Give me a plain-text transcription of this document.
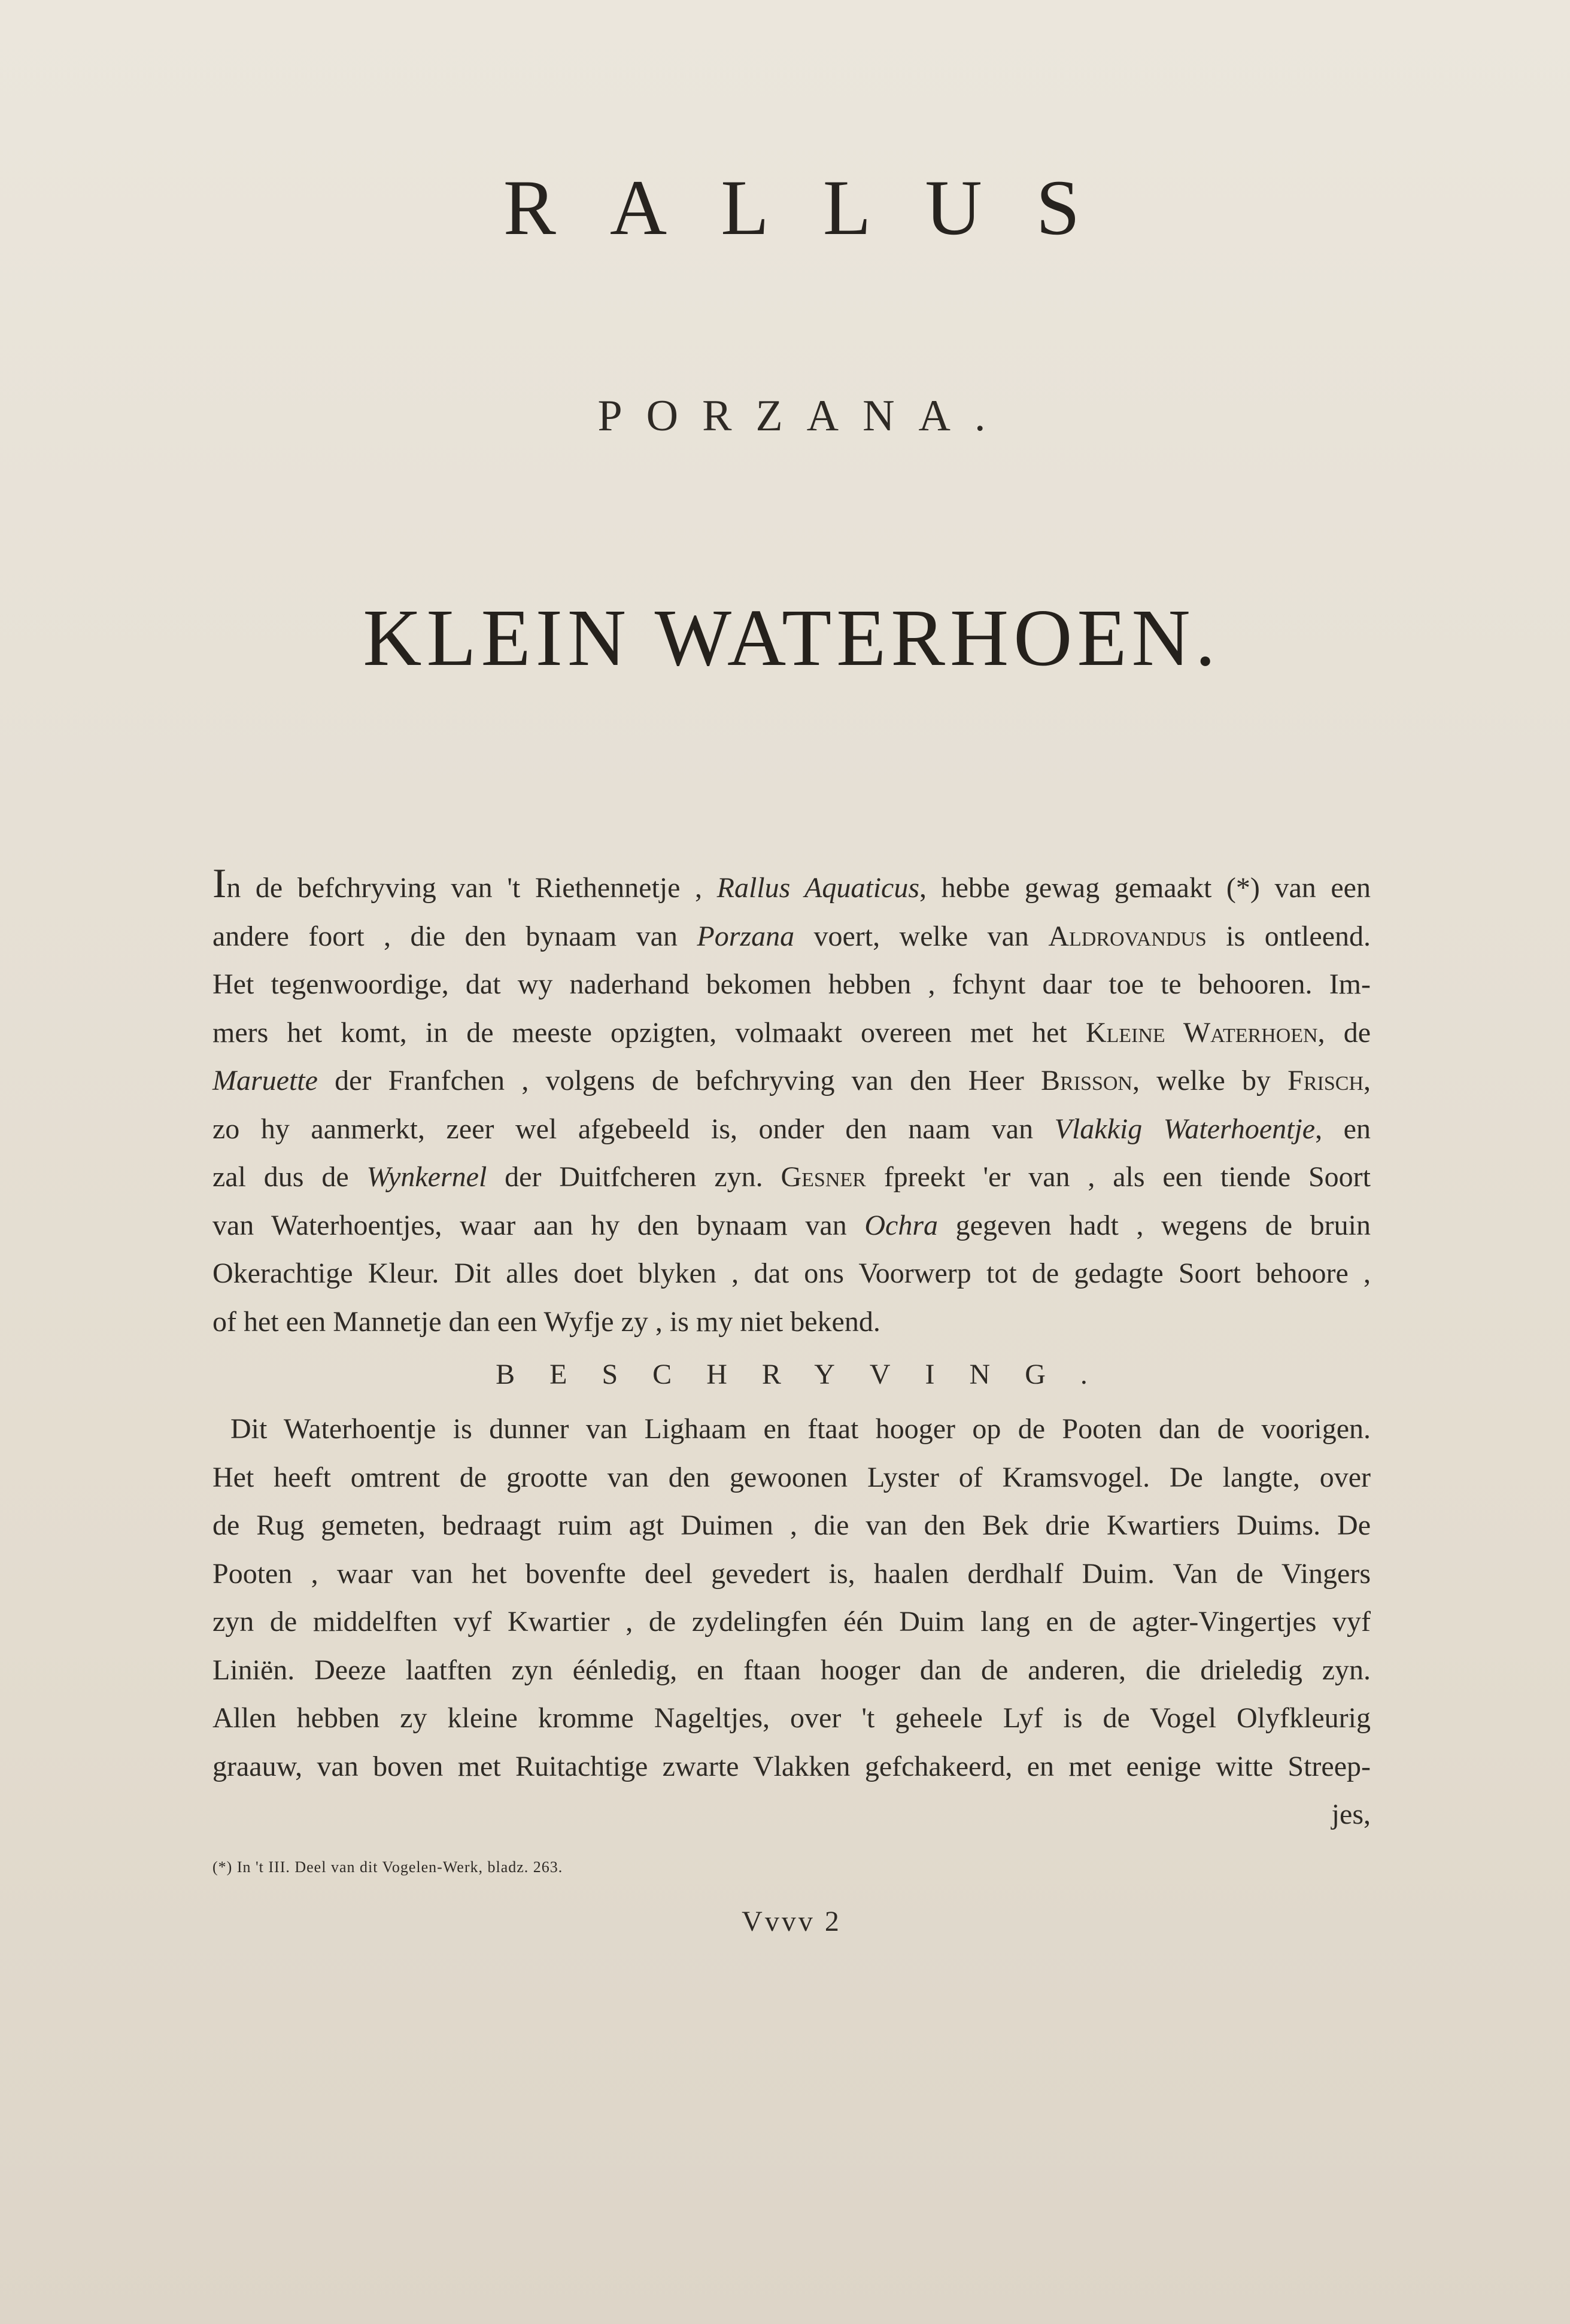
RALLUS
PORZANA.
KLEIN WATERHOEN.
In de befchryving van 't Riethennetje , Rallus Aquaticus, hebbe gewag gemaakt (*) van een
andere foort , die den bynaam van Porzana voert, welke van Aldrovandus is ontleend.
Het tegenwoordige, dat wy naderhand bekomen hebben , fchynt daar toe te behooren. Im-
mers het komt, in de meeste opzigten, volmaakt overeen met het Kleine Waterhoen, de
Maruette der Franfchen , volgens de befchryving van den Heer Brisson, welke by Frisch,
zo hy aanmerkt, zeer wel afgebeeld is, onder den naam van Vlakkig Waterhoentje, en
zal dus de Wynkernel der Duitfcheren zyn. Gesner fpreekt 'er van , als een tiende Soort
van Waterhoentjes, waar aan hy den bynaam van Ochra gegeven hadt , wegens de bruin
Okerachtige Kleur. Dit alles doet blyken , dat ons Voorwerp tot de gedagte Soort behoore ,
of het een Mannetje dan een Wyfje zy , is my niet bekend.
BESCHRYVING.
Dit Waterhoentje is dunner van Lighaam en ftaat hooger op de Pooten dan de voorigen.
Het heeft omtrent de grootte van den gewoonen Lyster of Kramsvogel. De langte, over
de Rug gemeten, bedraagt ruim agt Duimen , die van den Bek drie Kwartiers Duims. De
Pooten , waar van het bovenfte deel gevedert is, haalen derdhalf Duim. Van de Vingers
zyn de middelften vyf Kwartier , de zydelingfen één Duim lang en de agter-Vingertjes vyf
Liniën. Deeze laatften zyn éénledig, en ftaan hooger dan de anderen, die drieledig zyn.
Allen hebben zy kleine kromme Nageltjes, over 't geheele Lyf is de Vogel Olyfkleurig
graauw, van boven met Ruitachtige zwarte Vlakken gefchakeerd, en met eenige witte Streep-
jes,
(*) In 't III. Deel van dit Vogelen-Werk, bladz. 263.
Vvvv 2
